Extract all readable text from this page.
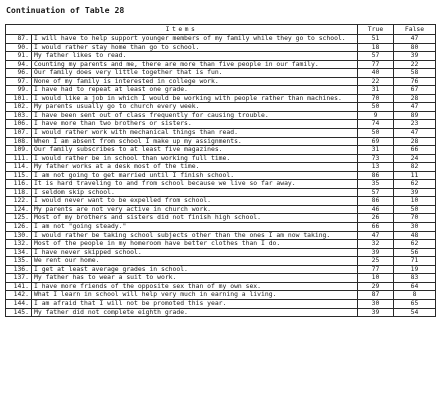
Continuation of Table 28
Items		True	False
87.	I will have to help support younger members of my family while they go to school.	51	47
90.	I would rather stay home than go to school.	18	80
91.	My father likes to read.	57	39
94.	Counting my parents and me, there are more than five people in our family.	77	22
96.	Our family does very little together that is fun.	40	58
97.	None of my family is interested in college work.	22	76
99.	I have had to repeat at least one grade.	31	67
101.	I would like a job in which I would be working with people rather than machines.	70	28
102.	My parents usually go to church every week.	50	47
103.	I have been sent out of class frequently for causing trouble.	9	89
106.	I have more than two brothers or sisters.	74	23
107.	I would rather work with mechanical things than read.	50	47
108.	When I am absent from school I make up my assignments.	69	28
109.	Our family subscribes to at least five magazines.	31	66
111.	I would rather be in school than working full time.	73	24
114.	My father works at a desk most of the time.	13	82
115.	I am not going to get married until I finish school.	86	11
116.	It is hard traveling to and from school because we live so far away.	35	62
118.	I seldom skip school.	57	39
122.	I would never want to be expelled from school.	86	10
124.	My parents are not very active in church work.	46	50
125.	Most of my brothers and sisters did not finish high school.	26	70
126.	I am not "going steady."	66	30
130.	I would rather be taking school subjects other than the ones I am now taking.	47	48
132.	Most of the people in my homeroom have better clothes than I do.	32	62
134.	I have never skipped school.	39	56
135.	We rent our home.	25	71
136.	I get at least average grades in school.	77	19
137.	My father has to wear a suit to work.	10	83
141.	I have more friends of the opposite sex than of my own sex.	29	64
142.	What I learn in school will help very much in earning a living.	87	8
144.	I am afraid that I will not be promoted this year.	30	65
145.	My father did not complete eighth grade.	39	54
